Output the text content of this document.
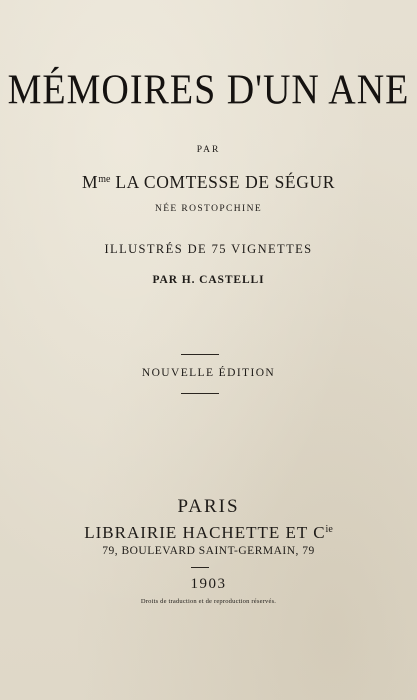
MÉMOIRES D'UN ANE
PAR
$M^{me}$ LA COMTESSE DE SÉGUR
NÉE ROSTOPCHINE
ILLUSTRÉS DE 75 VIGNETTES
PAR H. CASTELLI
NOUVELLE ÉDITION
PARIS
LIBRAIRIE HACHETTE ET $C^{ie}$
79, BOULEVARD SAINT-GERMAIN, 79
1903
Droits de traduction et de reproduction réservés.
